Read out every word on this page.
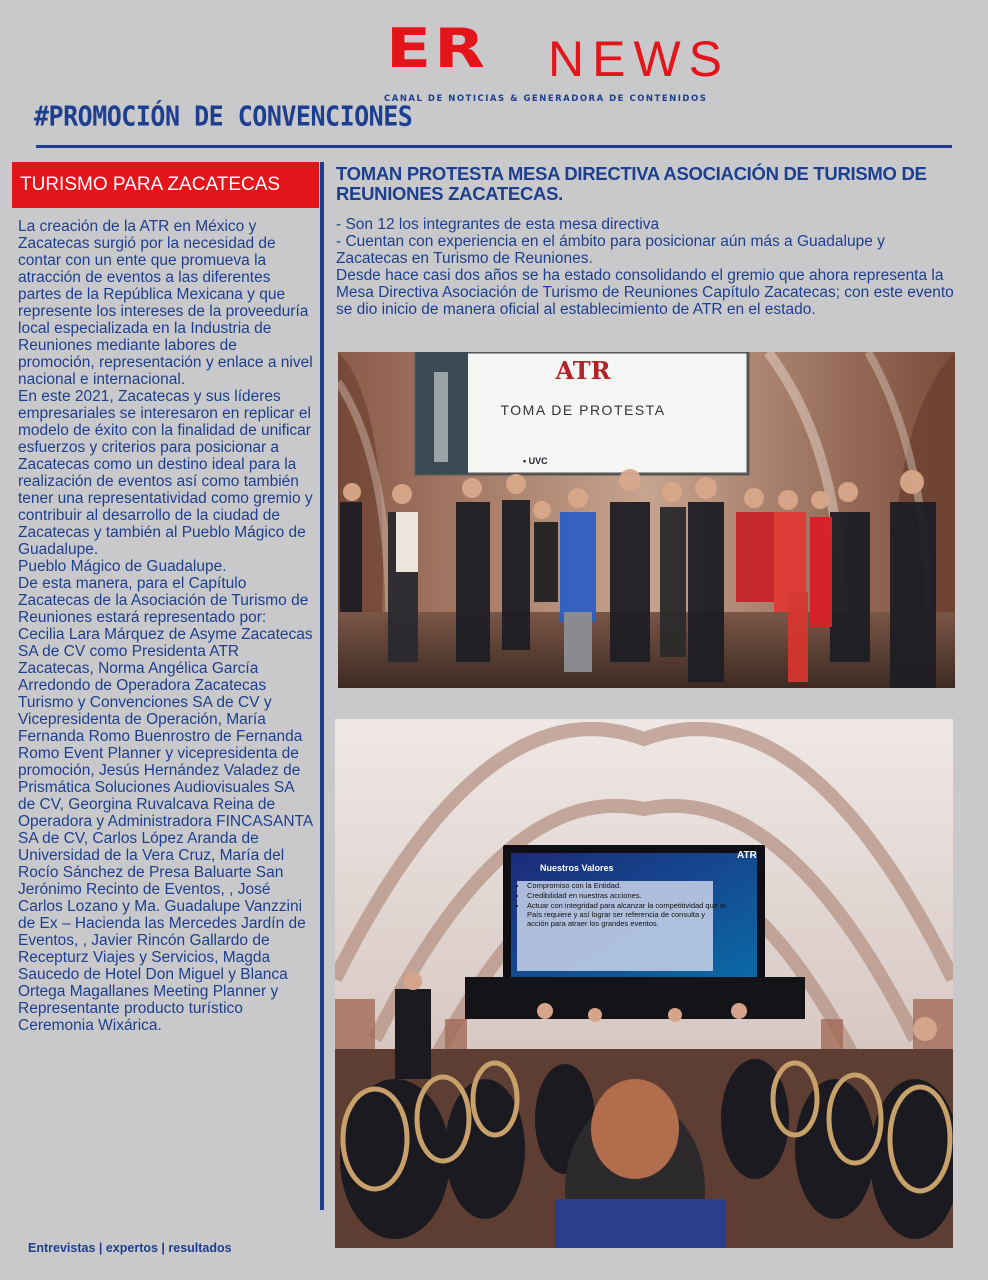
ER NEWS
CANAL DE NOTICIAS & GENERADORA DE CONTENIDOS
#PROMOCIÓN DE CONVENCIONES
TURISMO PARA ZACATECAS

La creación de la ATR en México y Zacatecas surgió por la necesidad de contar con un ente que promueva la atracción de eventos a las diferentes partes de la República Mexicana y que represente los intereses de la proveeduría local especializada en la Industria de Reuniones mediante labores de promoción, representación y enlace a nivel nacional e internacional.

En este 2021, Zacatecas y sus líderes empresariales se interesaron en replicar el modelo de éxito con la finalidad de unificar esfuerzos y criterios para posicionar a Zacatecas como un destino ideal para la realización de eventos así como también tener una representatividad como gremio y contribuir al desarrollo de la ciudad de Zacatecas y también al Pueblo Mágico de Guadalupe.

Pueblo Mágico de Guadalupe.

De esta manera, para el Capítulo Zacatecas de la Asociación de Turismo de Reuniones estará representado por: Cecilia Lara Márquez de Asyme Zacatecas SA de CV como Presidenta ATR Zacatecas, Norma Angélica García Arredondo de Operadora Zacatecas Turismo y Convenciones SA de CV y Vicepresidenta de Operación, María Fernanda Romo Buenrostro de Fernanda Romo Event Planner y vicepresidenta de promoción, Jesús Hernández Valadez de Prismática Soluciones Audiovisuales SA de CV, Georgina Ruvalcava Reina de Operadora y Administradora FINCASANTA SA de CV, Carlos López Aranda de Universidad de la Vera Cruz, María del Rocío Sánchez de Presa Baluarte San Jerónimo Recinto de Eventos, , José Carlos Lozano y Ma. Guadalupe Vanzzini de Ex – Hacienda las Mercedes Jardín de Eventos, , Javier Rincón Gallardo de Recepturz Viajes y Servicios, Magda Saucedo de Hotel Don Miguel y Blanca Ortega Magallanes Meeting Planner y Representante producto turístico Ceremonia Wixárica.

Entrevistas | expertos | resultados
TOMAN PROTESTA MESA DIRECTIVA ASOCIACIÓN DE TURISMO DE REUNIONES ZACATECAS.

- Son 12 los integrantes de esta mesa directiva

- Cuentan con experiencia en el ámbito para posicionar aún más a Guadalupe y Zacatecas en Turismo de Reuniones.

Desde hace casi dos años se ha estado consolidando el gremio que ahora representa la Mesa Directiva Asociación de Turismo de Reuniones Capítulo Zacatecas; con este evento se dio inicio de manera oficial al establecimiento de ATR en el estado.

ATR
TOMA DE PROTESTA
• UVC
ATR
Nuestros Valores
• Compromiso con la Entidad.
• Credibilidad en nuestras acciones.
• Actuar con integridad para alcanzar la competitividad que el País requiere y así lograr ser referencia de consulta y acción para atraer los grandes eventos.
